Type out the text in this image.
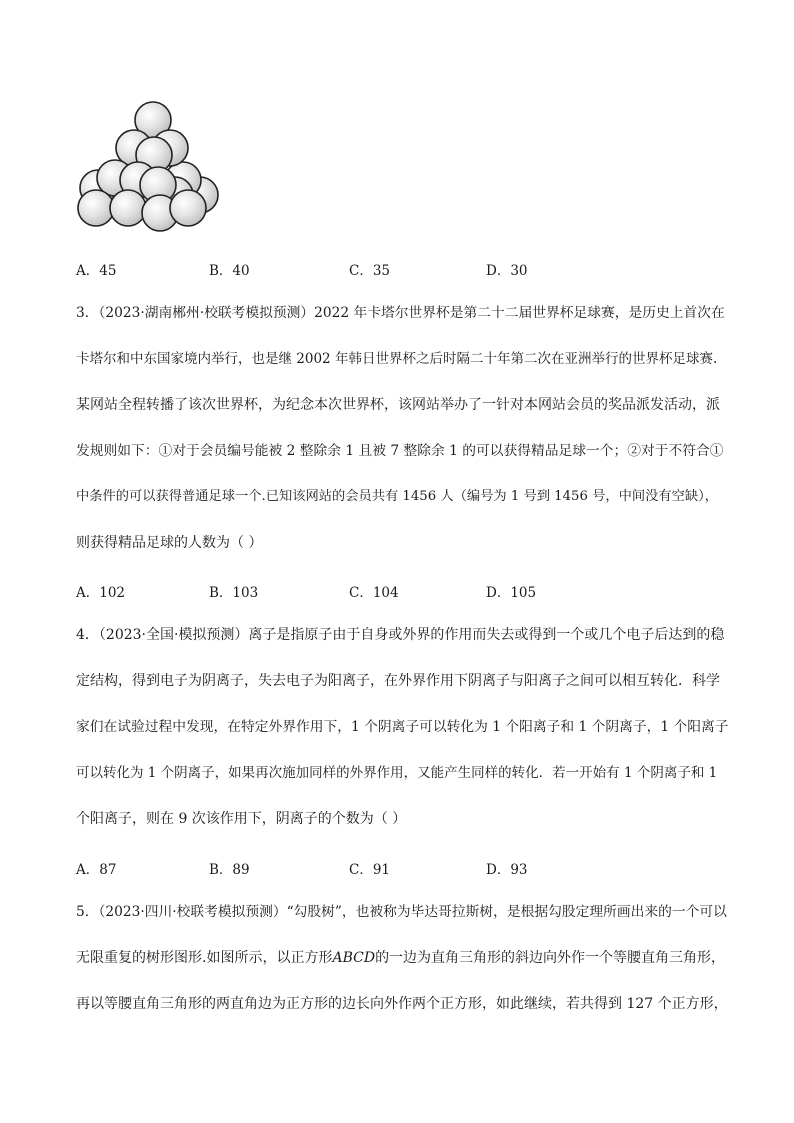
A．45	B．40	C．35	D．30
3．（2023·湖南郴州·校联考模拟预测）2022 年卡塔尔世界杯是第二十二届世界杯足球赛，是历史上首次在
卡塔尔和中东国家境内举行，也是继 2002 年韩日世界杯之后时隔二十年第二次在亚洲举行的世界杯足球赛.
某网站全程转播了该次世界杯，为纪念本次世界杯，该网站举办了一针对本网站会员的奖品派发活动，派
发规则如下：①对于会员编号能被 2 整除余 1 且被 7 整除余 1 的可以获得精品足球一个；②对于不符合①
中条件的可以获得普通足球一个.已知该网站的会员共有 1456 人（编号为 1 号到 1456 号，中间没有空缺），
则获得精品足球的人数为（ ）
A．102	B．103	C．104	D．105
4．（2023·全国·模拟预测）离子是指原子由于自身或外界的作用而失去或得到一个或几个电子后达到的稳
定结构，得到电子为阴离子，失去电子为阳离子，在外界作用下阴离子与阳离子之间可以相互转化．科学
家们在试验过程中发现，在特定外界作用下，1 个阴离子可以转化为 1 个阳离子和 1 个阴离子，1 个阳离子
可以转化为 1 个阴离子，如果再次施加同样的外界作用，又能产生同样的转化．若一开始有 1 个阴离子和 1
个阳离子，则在 9 次该作用下，阴离子的个数为（ ）
A．87	B．89	C．91	D．93
5．（2023·四川·校联考模拟预测）“勾股树”，也被称为毕达哥拉斯树，是根据勾股定理所画出来的一个可以
无限重复的树形图形.如图所示，以正方形ABCD的一边为直角三角形的斜边向外作一个等腰直角三角形，
再以等腰直角三角形的两直角边为正方形的边长向外作两个正方形，如此继续，若共得到 127 个正方形，
